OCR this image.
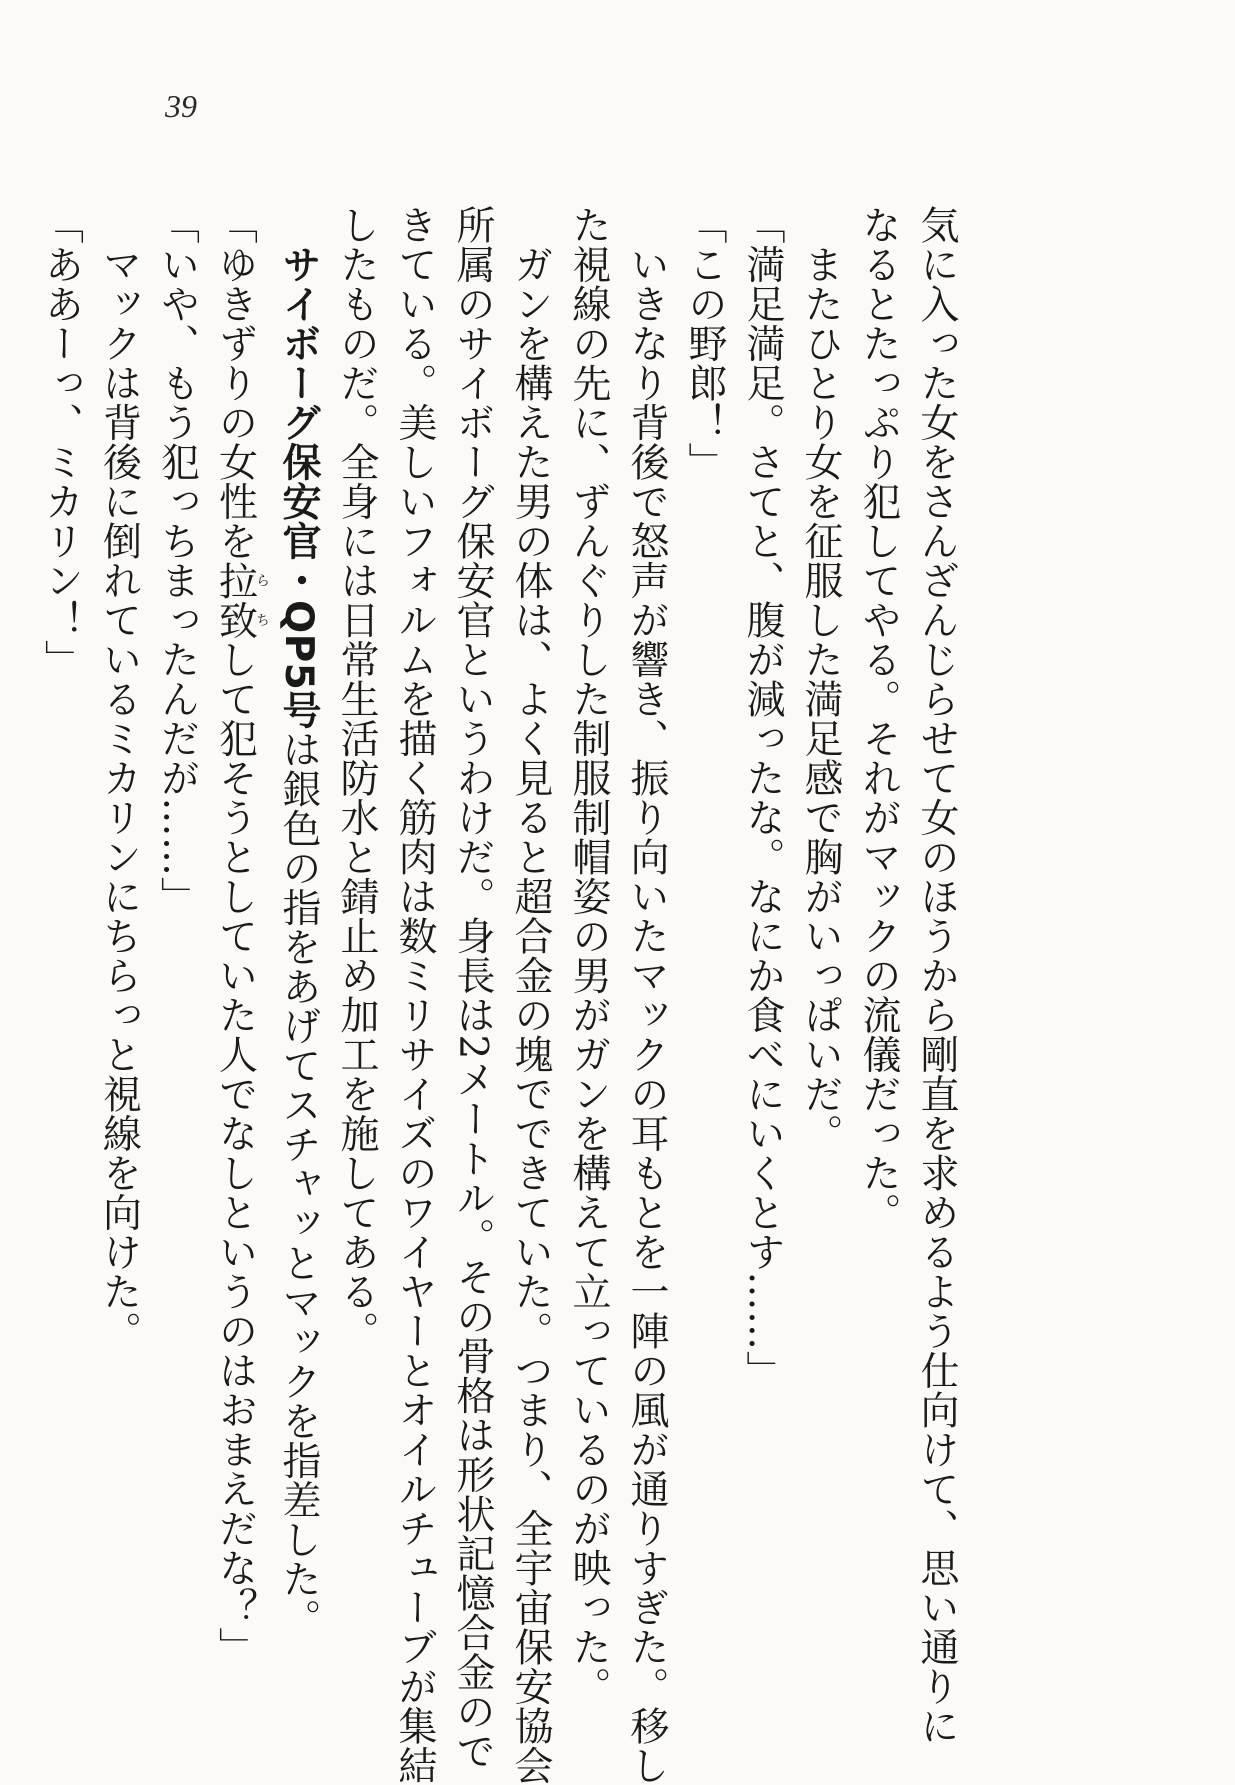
39
気に入った女をさんざんじらせて女のほうから剛直を求めるよう仕向けて、思い通りに
なるとたっぷり犯してやる。それがマックの流儀だった。
　またひとり女を征服した満足感で胸がいっぱいだ。
「満足満足。さてと、腹が減ったな。なにか食べにいくとす……」
「この野郎！」
　いきなり背後で怒声が響き、振り向いたマックの耳もとを一陣の風が通りすぎた。移し
た視線の先に、ずんぐりした制服制帽姿の男がガンを構えて立っているのが映った。
　ガンを構えた男の体は、よく見ると超合金の塊でできていた。つまり、全宇宙保安協会
所属のサイボーグ保安官というわけだ。身長は2メートル。その骨格は形状記憶合金ので
きている。美しいフォルムを描く筋肉は数ミリサイズのワイヤーとオイルチューブが集結
したものだ。全身には日常生活防水と錆止め加工を施してある。
　サイボーグ保安官・QP5号は銀色の指をあげてスチャッとマックを指差した。
「ゆきずりの女性を拉致らちして犯そうとしていた人でなしというのはおまえだな？」
「いや、もう犯っちまったんだが……」
　マックは背後に倒れているミカリンにちらっと視線を向けた。
「ああーっ、ミカリン！」
